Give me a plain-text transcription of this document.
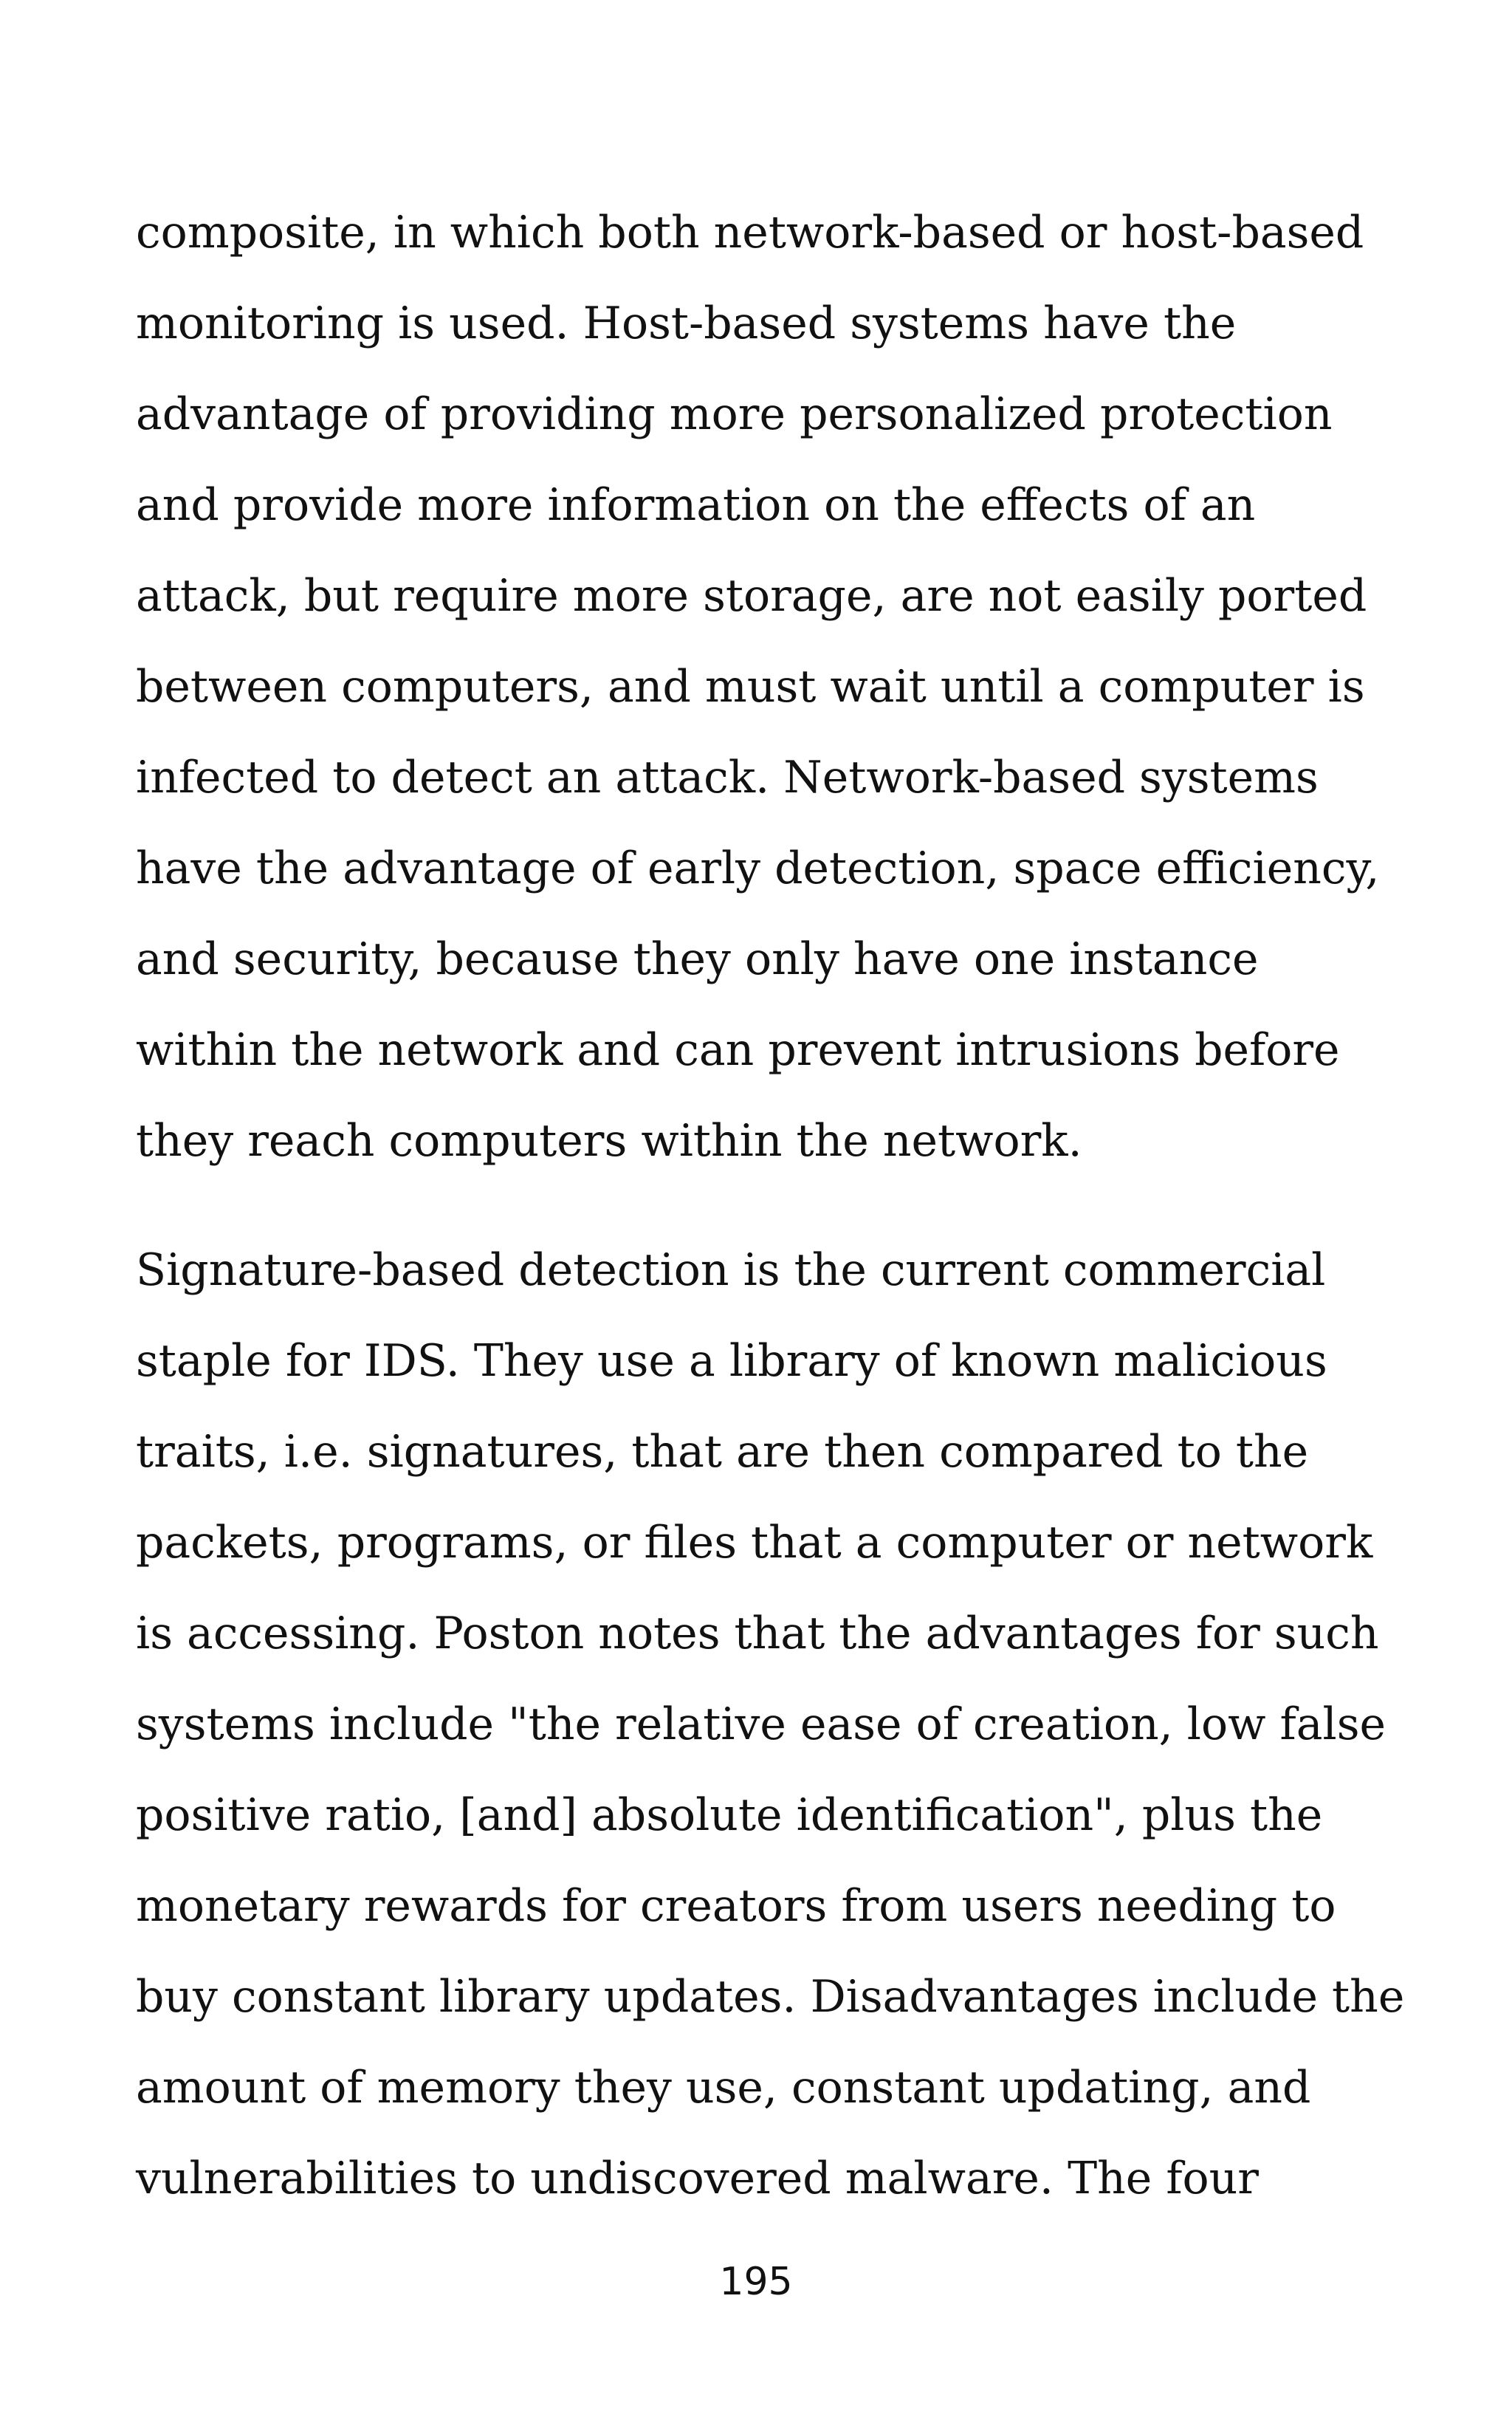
composite, in which both network-based or host-based
monitoring is used. Host-based systems have the
advantage of providing more personalized protection
and provide more information on the effects of an
attack, but require more storage, are not easily ported
between computers, and must wait until a computer is
infected to detect an attack. Network-based systems
have the advantage of early detection, space efficiency,
and security, because they only have one instance
within the network and can prevent intrusions before
they reach computers within the network.
Signature-based detection is the current commercial
staple for IDS. They use a library of known malicious
traits, i.e. signatures, that are then compared to the
packets, programs, or files that a computer or network
is accessing. Poston notes that the advantages for such
systems include "the relative ease of creation, low false
positive ratio, [and] absolute identification", plus the
monetary rewards for creators from users needing to
buy constant library updates. Disadvantages include the
amount of memory they use, constant updating, and
vulnerabilities to undiscovered malware. The four
195
